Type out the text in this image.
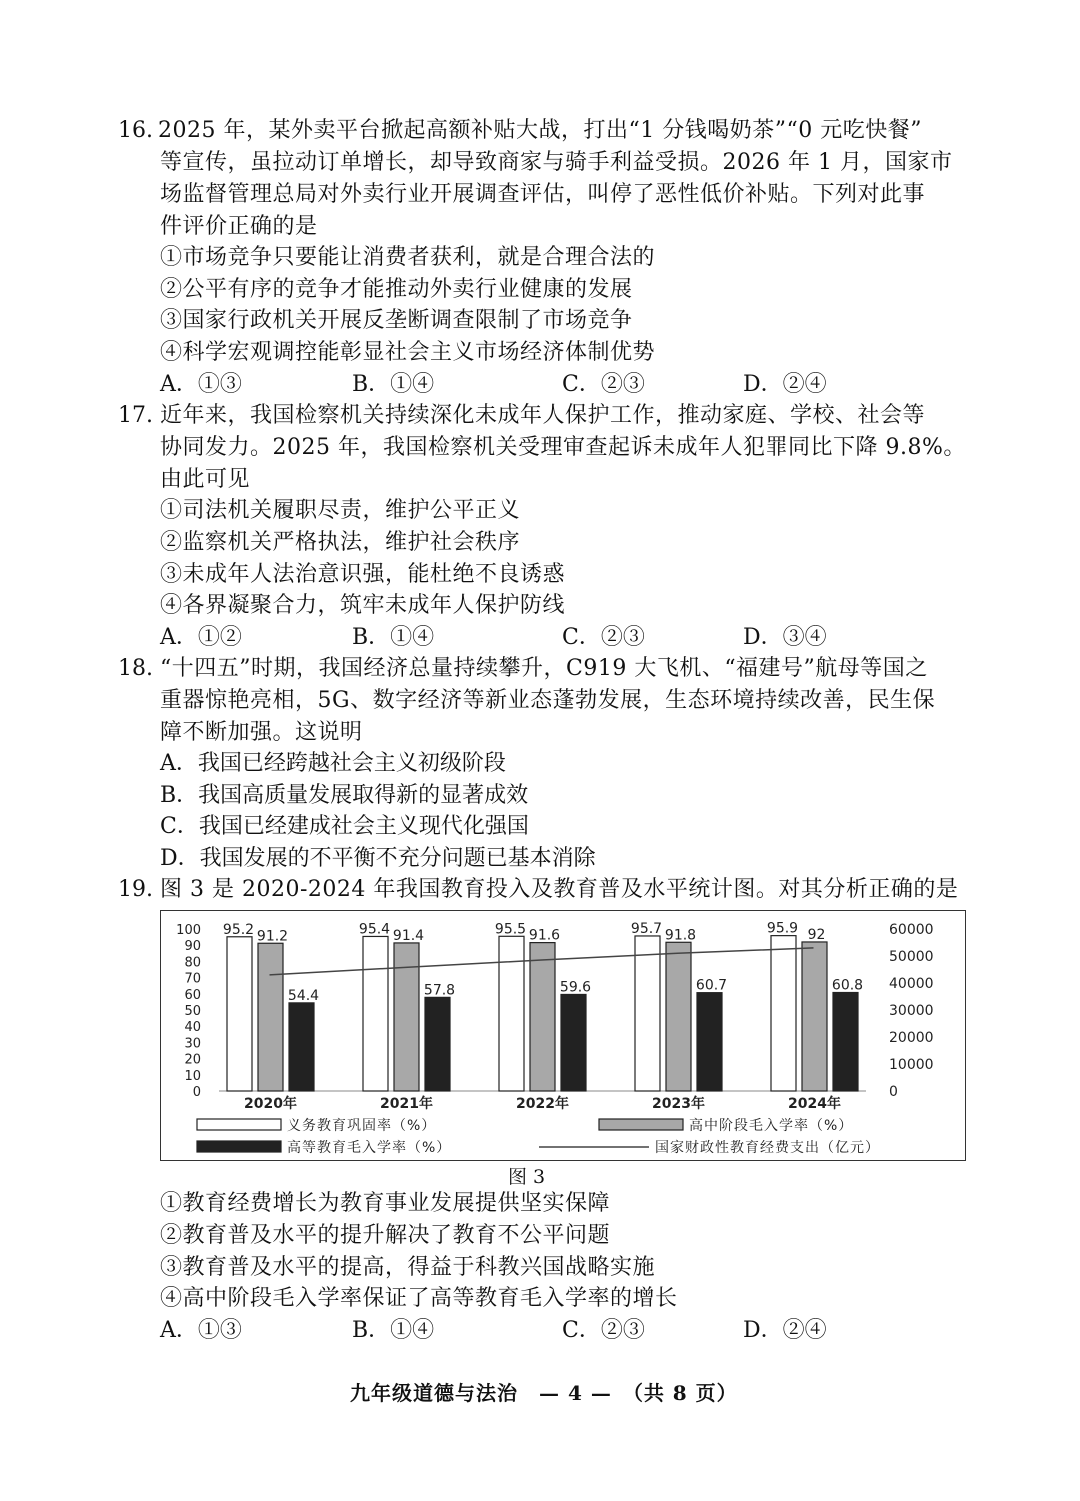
16. 2025 年，某外卖平台掀起高额补贴大战，打出“1 分钱喝奶茶”“0 元吃快餐”
等宣传，虽拉动订单增长，却导致商家与骑手利益受损。2026 年 1 月，国家市
场监督管理总局对外卖行业开展调查评估，叫停了恶性低价补贴。下列对此事
件评价正确的是
①市场竞争只要能让消费者获利，就是合理合法的
②公平有序的竞争才能推动外卖行业健康的发展
③国家行政机关开展反垄断调查限制了市场竞争
④科学宏观调控能彰显社会主义市场经济体制优势
A．①③	B．①④	C．②③	D．②④
17. 近年来，我国检察机关持续深化未成年人保护工作，推动家庭、学校、社会等
协同发力。2025 年，我国检察机关受理审查起诉未成年人犯罪同比下降 9.8%。
由此可见
①司法机关履职尽责，维护公平正义
②监察机关严格执法，维护社会秩序
③未成年人法治意识强，能杜绝不良诱惑
④各界凝聚合力，筑牢未成年人保护防线
A．①②	B．①④	C．②③	D．③④
18. “十四五”时期，我国经济总量持续攀升，C919 大飞机、“福建号”航母等国之
重器惊艳亮相，5G、数字经济等新业态蓬勃发展，生态环境持续改善，民生保
障不断加强。这说明
A．我国已经跨越社会主义初级阶段
B．我国高质量发展取得新的显著成效
C．我国已经建成社会主义现代化强国
D．我国发展的不平衡不充分问题已基本消除
19. 图 3 是 2020-2024 年我国教育投入及教育普及水平统计图。对其分析正确的是
0
10
20
30
40
50
60
70
80
90
100
0
10000
20000
30000
40000
50000
60000
95.2 91.2
54.4
2020年
95.4 91.4
57.8
2021年
95.5 91.6
59.6
2022年
95.7 91.8
60.7
2023年
95.9 92
60.8
2024年
义务教育巩固率（%）	高中阶段毛入学率（%）
高等教育毛入学率（%）	国家财政性教育经费支出（亿元）
图 3
①教育经费增长为教育事业发展提供坚实保障
②教育普及水平的提升解决了教育不公平问题
③教育普及水平的提高，得益于科教兴国战略实施
④高中阶段毛入学率保证了高等教育毛入学率的增长
A．①③	B．①④	C．②③	D．②④
九年级道德与法治　— 4 —　（共 8 页）
